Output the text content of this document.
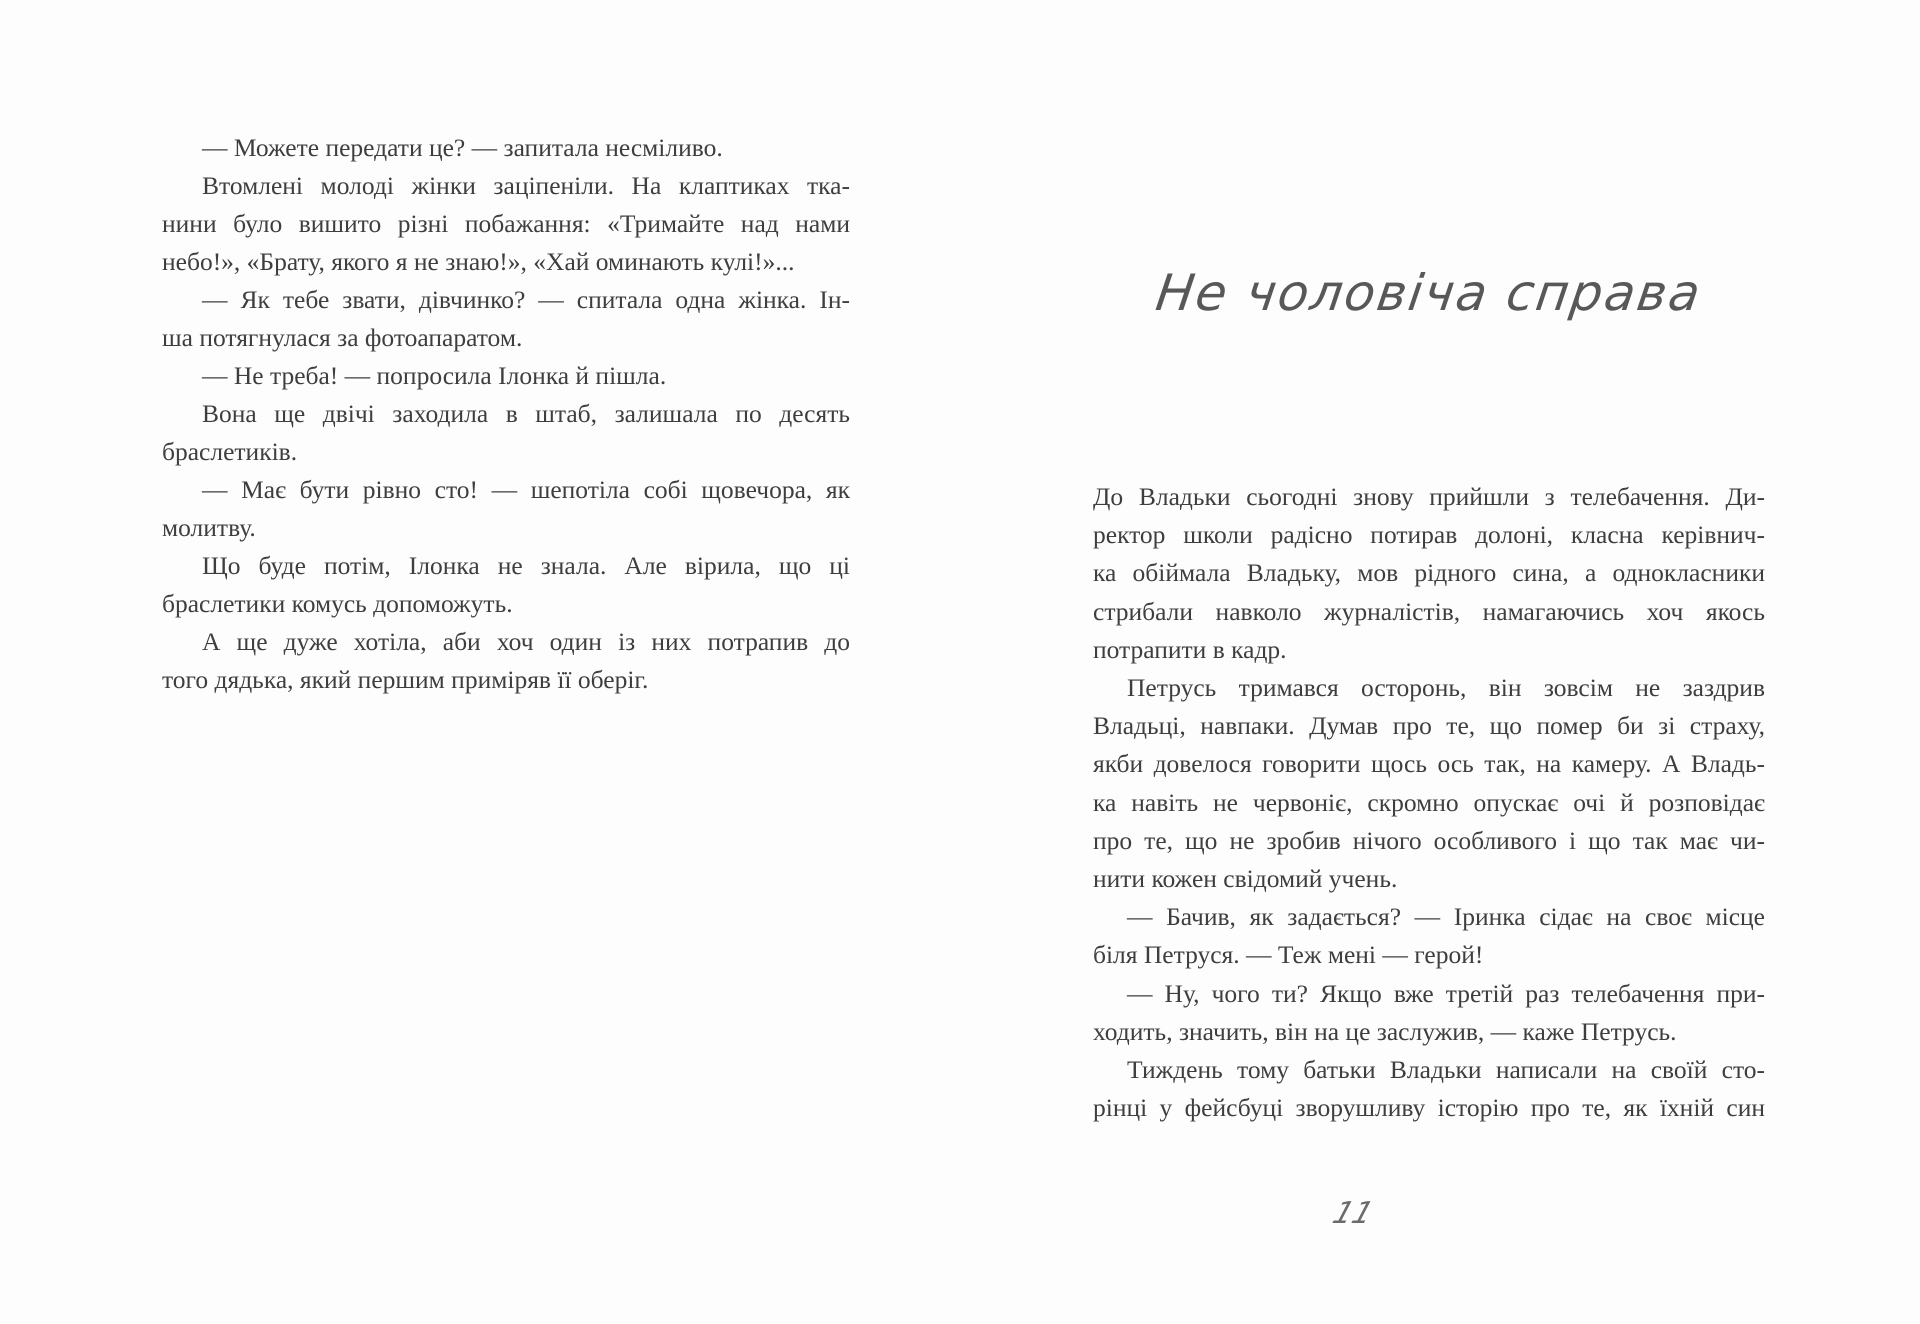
— Можете передати це? — запитала несміливо.
Втомлені молоді жінки заціпеніли. На клаптиках тка-
нини було вишито різні побажання: «Тримайте над нами
небо!», «Брату, якого я не знаю!», «Хай оминають кулі!»...
— Як тебе звати, дівчинко? — спитала одна жінка. Ін-
ша потягнулася за фотоапаратом.
— Не треба! — попросила Ілонка й пішла.
Вона ще двічі заходила в штаб, залишала по десять
браслетиків.
— Має бути рівно сто! — шепотіла собі щовечора, як
молитву.
Що буде потім, Ілонка не знала. Але вірила, що ці
браслетики комусь допоможуть.
А ще дуже хотіла, аби хоч один із них потрапив до
того дядька, який першим приміряв її оберіг.
Не чоловіча справа
До Владьки сьогодні знову прийшли з телебачення. Ди-
ректор школи радісно потирав долоні, класна керівнич-
ка обіймала Владьку, мов рідного сина, а однокласники
стрибали навколо журналістів, намагаючись хоч якось
потрапити в кадр.
Петрусь тримався осторонь, він зовсім не заздрив
Владьці, навпаки. Думав про те, що помер би зі страху,
якби довелося говорити щось ось так, на камеру. А Владь-
ка навіть не червоніє, скромно опускає очі й розповідає
про те, що не зробив нічого особливого і що так має чи-
нити кожен свідомий учень.
— Бачив, як задається? — Іринка сідає на своє місце
біля Петруся. — Теж мені — герой!
— Ну, чого ти? Якщо вже третій раз телебачення при-
ходить, значить, він на це заслужив, — каже Петрусь.
Тиждень тому батьки Владьки написали на своїй сто-
рінці у фейсбуці зворушливу історію про те, як їхній син
11
